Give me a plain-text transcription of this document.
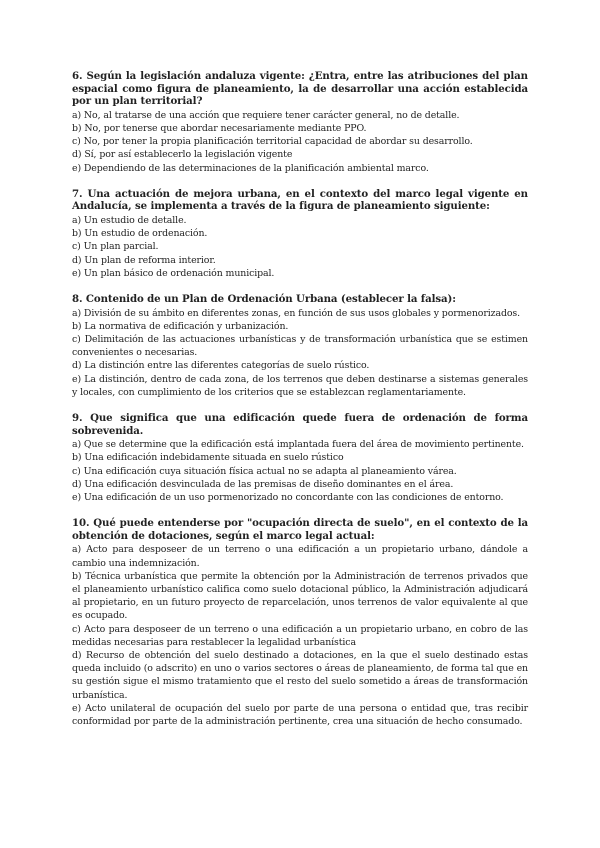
6. Según la legislación andaluza vigente: ¿Entra, entre las atribuciones del plan espacial como figura de planeamiento, la de desarrollar una acción establecida por un plan territorial?
a) No, al tratarse de una acción que requiere tener carácter general, no de detalle.
b) No, por tenerse que abordar necesariamente mediante PPO.
c) No, por tener la propia planificación territorial capacidad de abordar su desarrollo.
d) Sí, por así establecerlo la legislación vigente
e) Dependiendo de las determinaciones de la planificación ambiental marco.
7. Una actuación de mejora urbana, en el contexto del marco legal vigente en Andalucía, se implementa a través de la figura de planeamiento siguiente:
a) Un estudio de detalle.
b) Un estudio de ordenación.
c) Un plan parcial.
d) Un plan de reforma interior.
e) Un plan básico de ordenación municipal.
8. Contenido de un Plan de Ordenación Urbana (establecer la falsa):
a) División de su ámbito en diferentes zonas, en función de sus usos globales y pormenorizados.
b) La normativa de edificación y urbanización.
c) Delimitación de las actuaciones urbanísticas y de transformación urbanística que se estimen convenientes o necesarias.
d) La distinción entre las diferentes categorías de suelo rústico.
e) La distinción, dentro de cada zona, de los terrenos que deben destinarse a sistemas generales y locales, con cumplimiento de los criterios que se establezcan reglamentariamente.
9. Que significa que una edificación quede fuera de ordenación de forma sobrevenida.
a) Que se determine que la edificación está implantada fuera del área de movimiento pertinente.
b) Una edificación indebidamente situada en suelo rústico
c) Una edificación cuya situación física actual no se adapta al planeamiento várea.
d) Una edificación desvinculada de las premisas de diseño dominantes en el área.
e) Una edificación de un uso pormenorizado no concordante con las condiciones de entorno.
10. Qué puede entenderse por "ocupación directa de suelo", en el contexto de la obtención de dotaciones, según el marco legal actual:
a) Acto para desposeer de un terreno o una edificación a un propietario urbano, dándole a cambio una indemnización.
b) Técnica urbanística que permite la obtención por la Administración de terrenos privados que el planeamiento urbanístico califica como suelo dotacional público, la Administración adjudicará al propietario, en un futuro proyecto de reparcelación, unos terrenos de valor equivalente al que es ocupado.
c) Acto para desposeer de un terreno o una edificación a un propietario urbano, en cobro de las medidas necesarias para restablecer la legalidad urbanística
d) Recurso de obtención del suelo destinado a dotaciones, en la que el suelo destinado estas queda incluido (o adscrito) en uno o varios sectores o áreas de planeamiento, de forma tal que en su gestión sigue el mismo tratamiento que el resto del suelo sometido a áreas de transformación urbanística.
e) Acto unilateral de ocupación del suelo por parte de una persona o entidad que, tras recibir conformidad por parte de la administración pertinente, crea una situación de hecho consumado.
